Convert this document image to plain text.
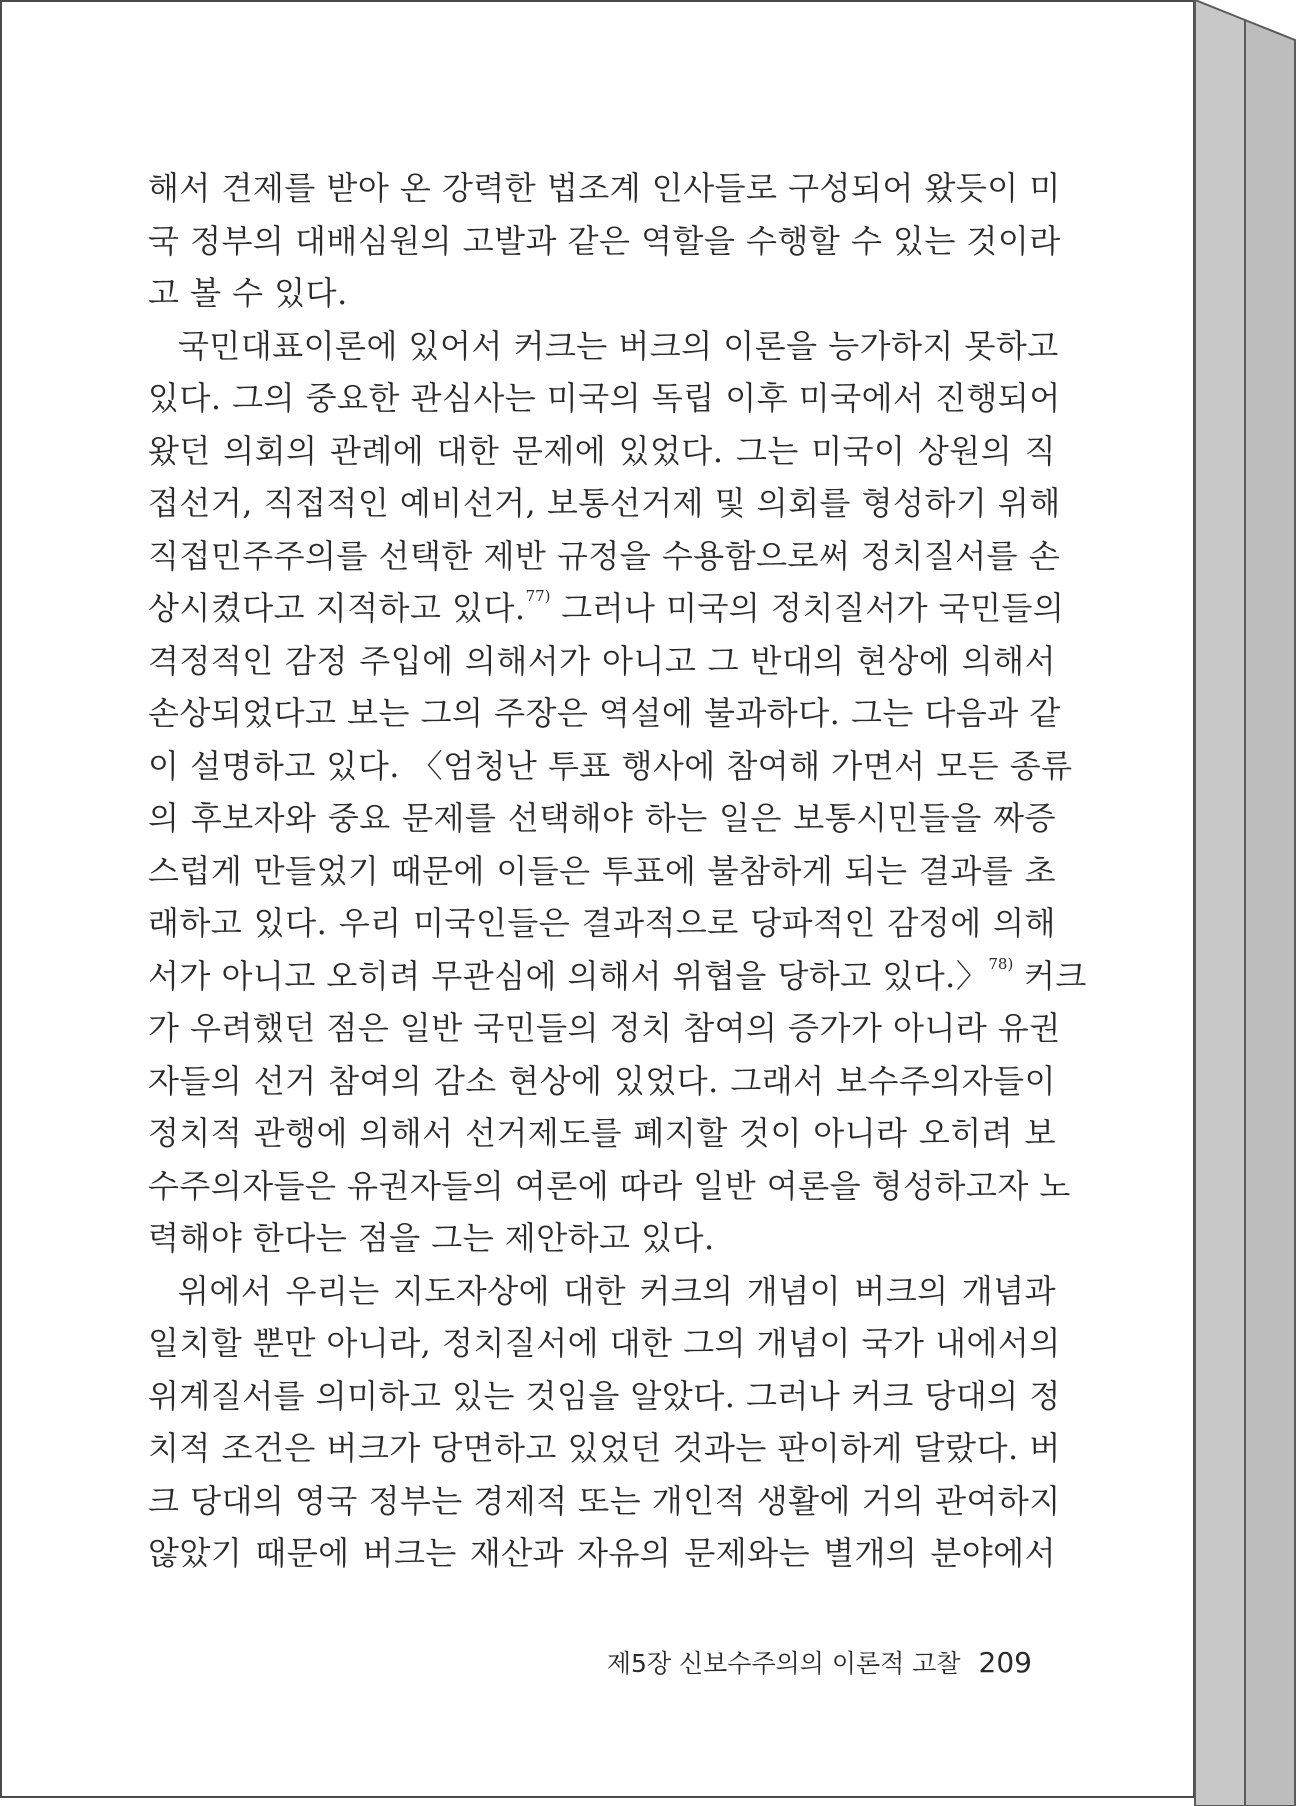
해서 견제를 받아 온 강력한 법조계 인사들로 구성되어 왔듯이 미
국 정부의 대배심원의 고발과 같은 역할을 수행할 수 있는 것이라
고 볼 수 있다.
국민대표이론에 있어서 커크는 버크의 이론을 능가하지 못하고
있다. 그의 중요한 관심사는 미국의 독립 이후 미국에서 진행되어
왔던 의회의 관례에 대한 문제에 있었다. 그는 미국이 상원의 직
접선거, 직접적인 예비선거, 보통선거제 및 의회를 형성하기 위해
직접민주주의를 선택한 제반 규정을 수용함으로써 정치질서를 손
상시켰다고 지적하고 있다.$^{77)}$ 그러나 미국의 정치질서가 국민들의
격정적인 감정 주입에 의해서가 아니고 그 반대의 현상에 의해서
손상되었다고 보는 그의 주장은 역설에 불과하다. 그는 다음과 같
이 설명하고 있다. 〈엄청난 투표 행사에 참여해 가면서 모든 종류
의 후보자와 중요 문제를 선택해야 하는 일은 보통시민들을 짜증
스럽게 만들었기 때문에 이들은 투표에 불참하게 되는 결과를 초
래하고 있다. 우리 미국인들은 결과적으로 당파적인 감정에 의해
서가 아니고 오히려 무관심에 의해서 위협을 당하고 있다.〉$^{78)}$ 커크
가 우려했던 점은 일반 국민들의 정치 참여의 증가가 아니라 유권
자들의 선거 참여의 감소 현상에 있었다. 그래서 보수주의자들이
정치적 관행에 의해서 선거제도를 폐지할 것이 아니라 오히려 보
수주의자들은 유권자들의 여론에 따라 일반 여론을 형성하고자 노
력해야 한다는 점을 그는 제안하고 있다.
위에서 우리는 지도자상에 대한 커크의 개념이 버크의 개념과
일치할 뿐만 아니라, 정치질서에 대한 그의 개념이 국가 내에서의
위계질서를 의미하고 있는 것임을 알았다. 그러나 커크 당대의 정
치적 조건은 버크가 당면하고 있었던 것과는 판이하게 달랐다. 버
크 당대의 영국 정부는 경제적 또는 개인적 생활에 거의 관여하지
않았기 때문에 버크는 재산과 자유의 문제와는 별개의 분야에서
제5장 신보수주의의 이론적 고찰 209
